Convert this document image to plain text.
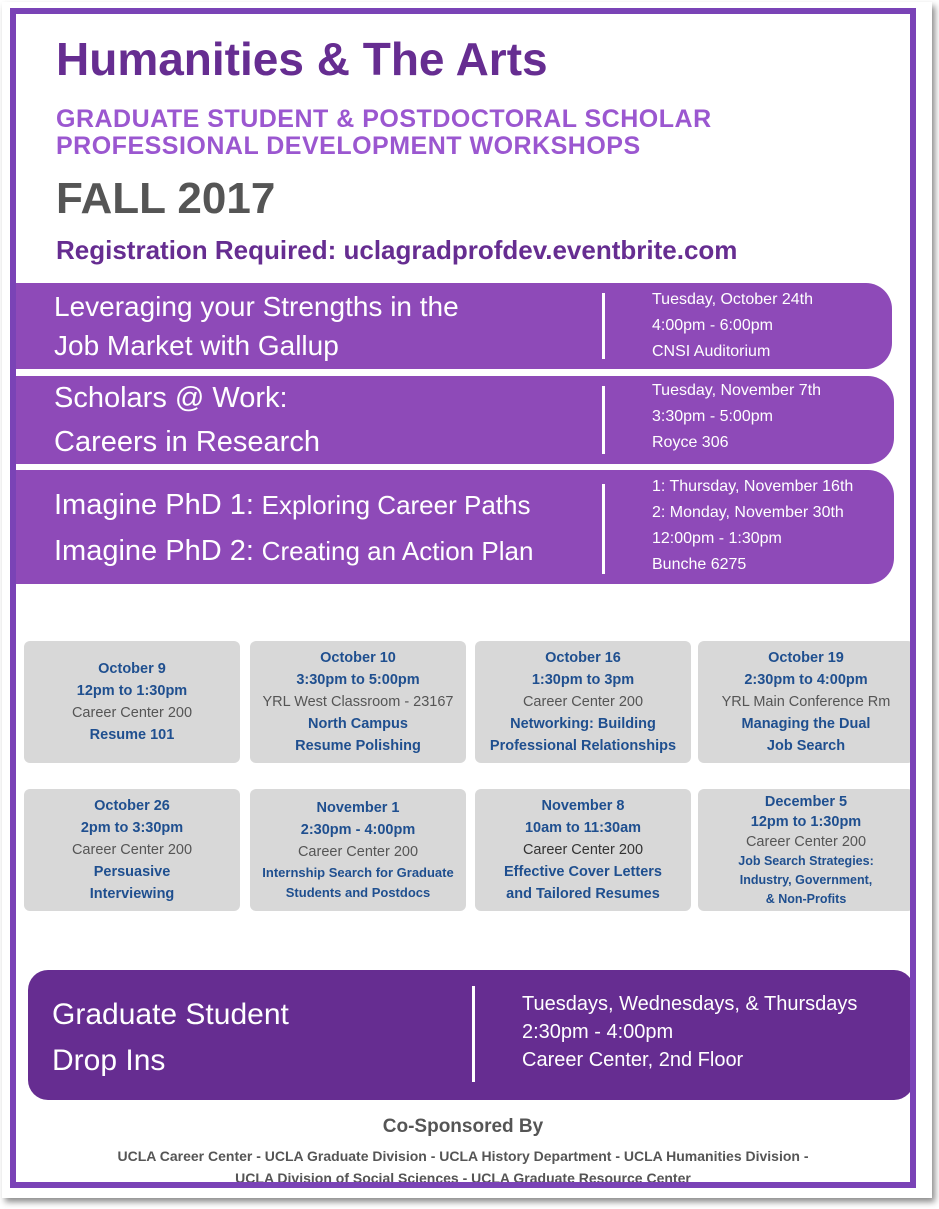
Humanities & The Arts
GRADUATE STUDENT & POSTDOCTORAL SCHOLAR
PROFESSIONAL DEVELOPMENT WORKSHOPS
FALL 2017
Registration Required: uclagradprofdev.eventbrite.com
Leveraging your Strengths in the
Job Market with Gallup
Tuesday, October 24th
4:00pm - 6:00pm
CNSI Auditorium
Scholars @ Work:
Careers in Research
Tuesday, November 7th
3:30pm - 5:00pm
Royce 306
Imagine PhD 1: Exploring Career Paths
Imagine PhD 2: Creating an Action Plan
1: Thursday, November 16th
2: Monday, November 30th
12:00pm - 1:30pm
Bunche 6275
October 9
12pm to 1:30pm
Career Center 200
Resume 101
October 10
3:30pm to 5:00pm
YRL West Classroom - 23167
North Campus
Resume Polishing
October 16
1:30pm to 3pm
Career Center 200
Networking: Building
Professional Relationships
October 19
2:30pm to 4:00pm
YRL Main Conference Rm
Managing the Dual
Job Search
October 26
2pm to 3:30pm
Career Center 200
Persuasive
Interviewing
November 1
2:30pm - 4:00pm
Career Center 200
Internship Search for Graduate
Students and Postdocs
November 8
10am to 11:30am
Career Center 200
Effective Cover Letters
and Tailored Resumes
December 5
12pm to 1:30pm
Career Center 200
Job Search Strategies:
Industry, Government,
& Non-Profits
Graduate Student
Drop Ins
Tuesdays, Wednesdays, & Thursdays
2:30pm - 4:00pm
Career Center, 2nd Floor
Co-Sponsored By
UCLA Career Center - UCLA Graduate Division - UCLA History Department - UCLA Humanities Division -
UCLA Division of Social Sciences - UCLA Graduate Resource Center
